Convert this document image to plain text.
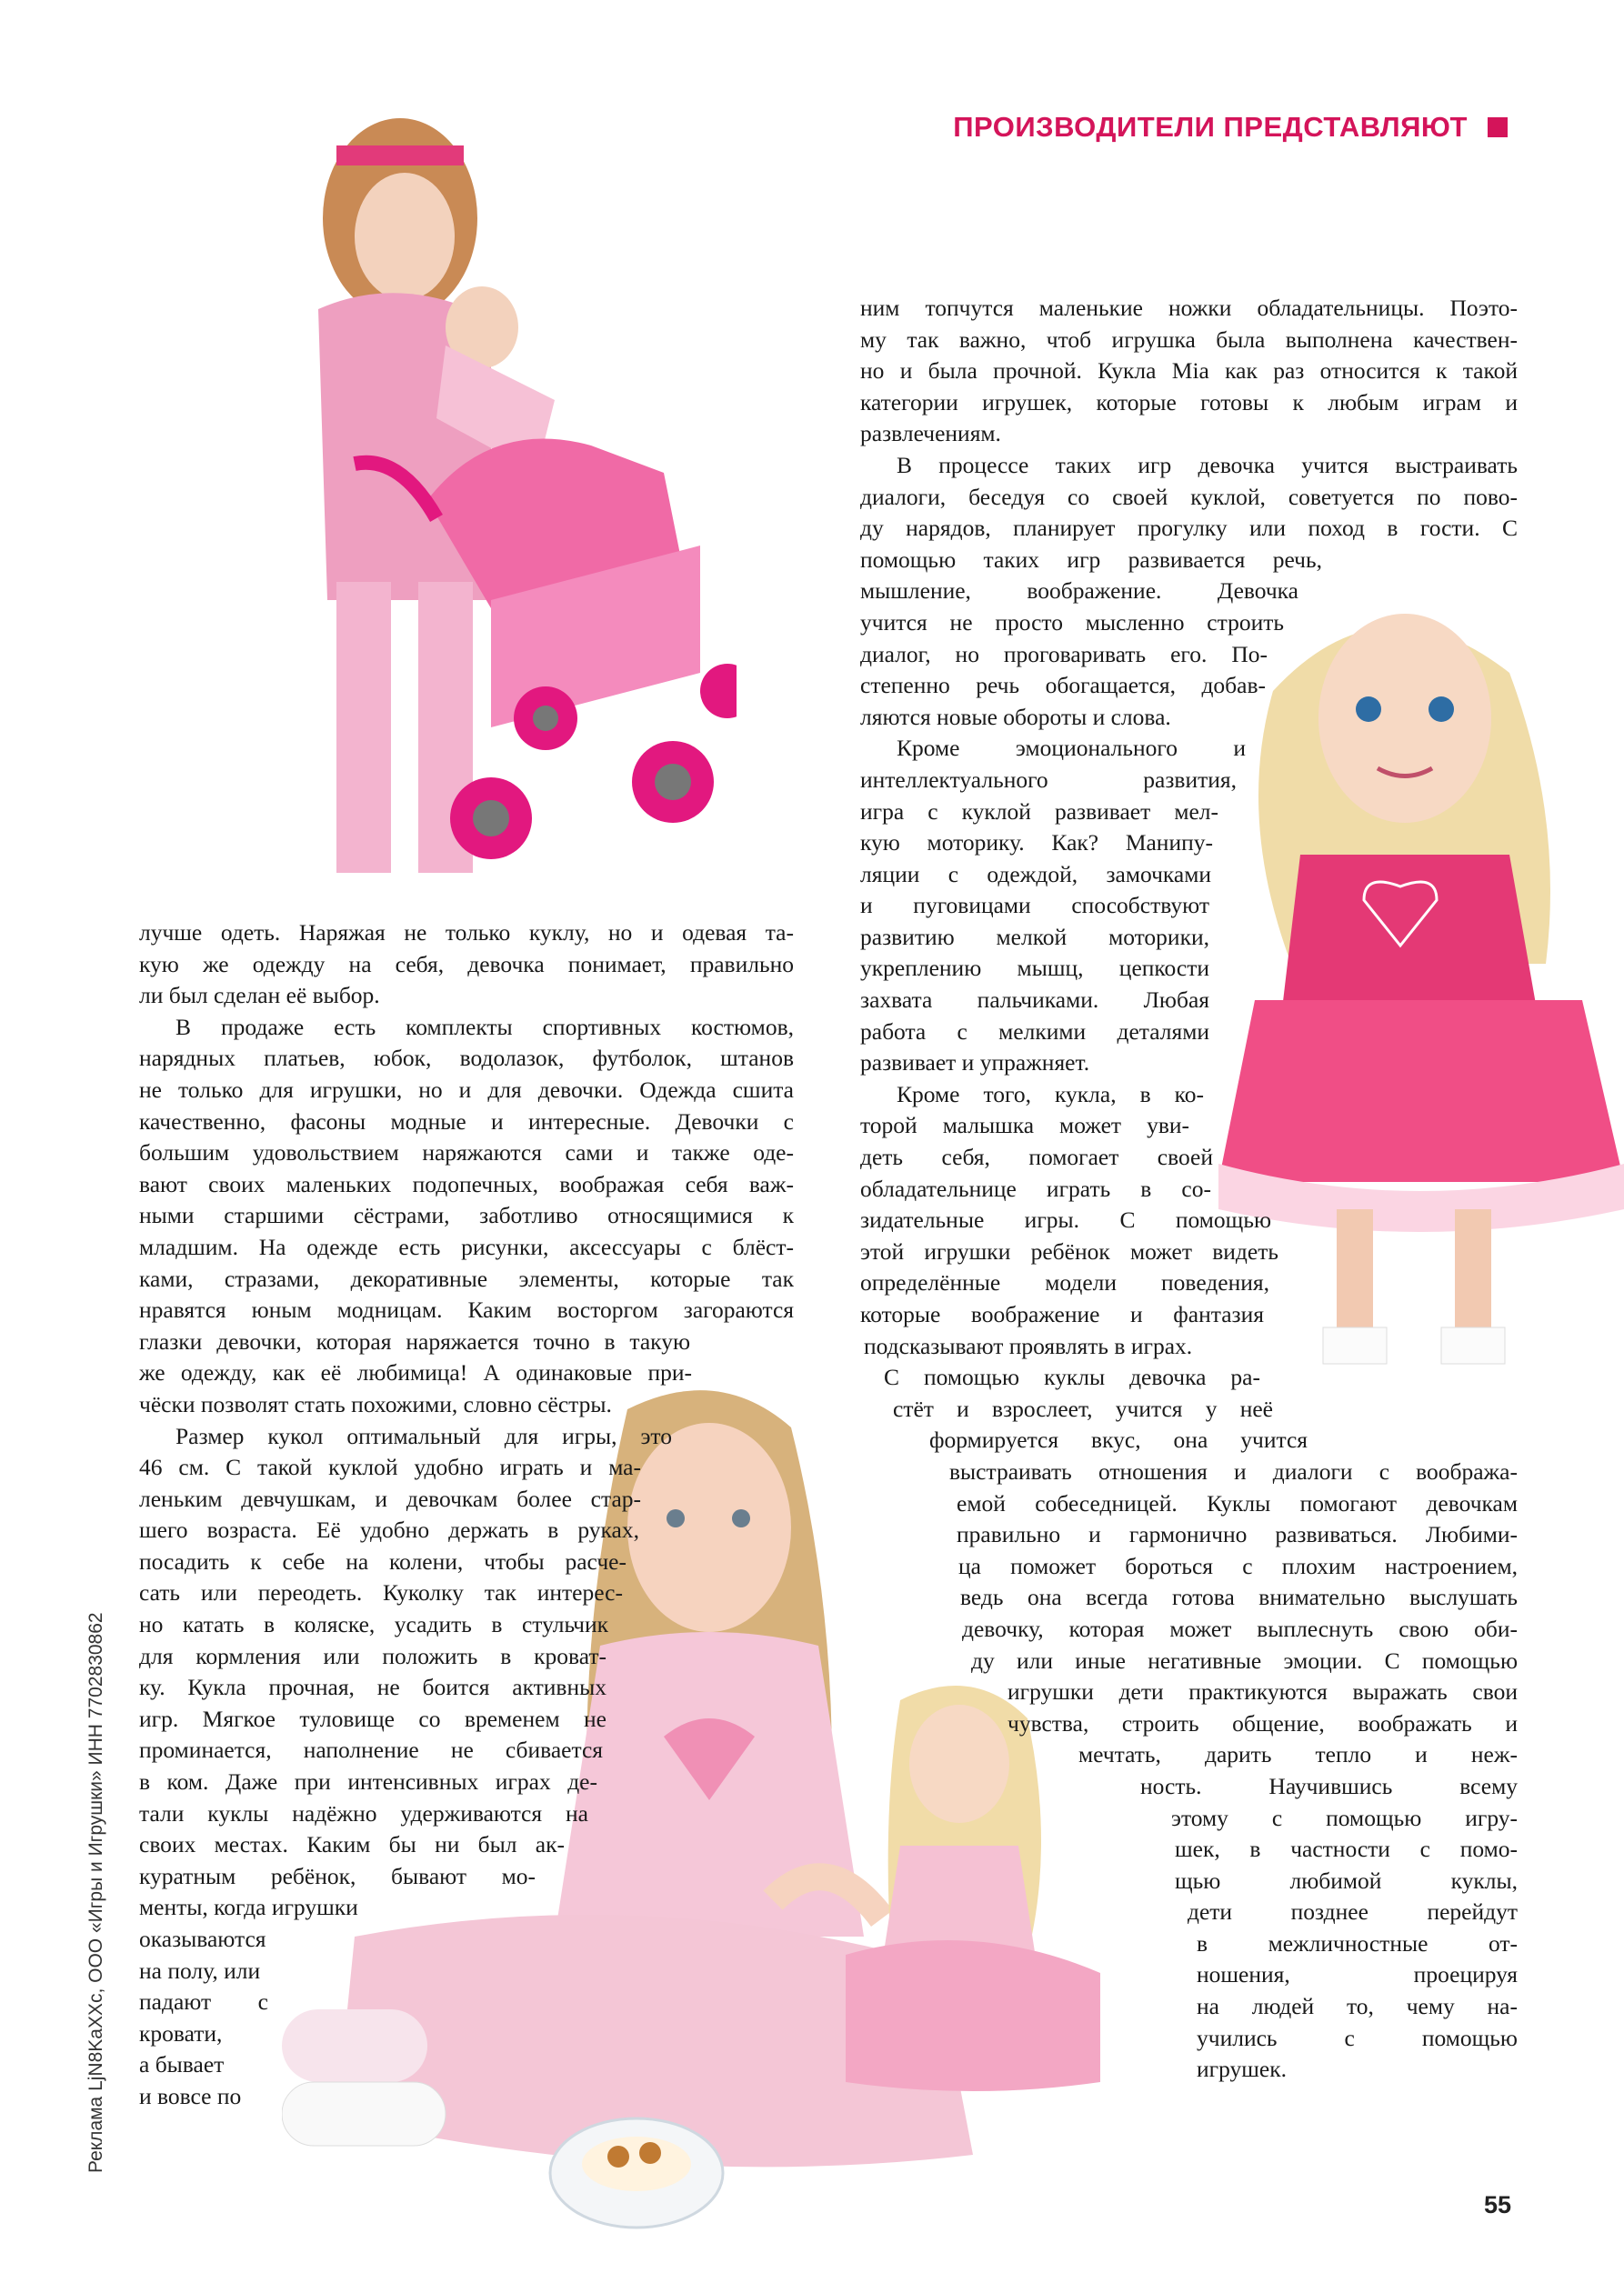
ПРОИЗВОДИТЕЛИ ПРЕДСТАВЛЯЮТ
ним топчутся маленькие ножки обладательницы. Поэто-
му так важно, чтоб игрушка была выполнена качествен-
но и была прочной. Кукла Mia как раз относится к такой
категории игрушек, которые готовы к любым играм и
развлечениям.
В процессе таких игр девочка учится выстраивать
диалоги, беседуя со своей куклой, советуется по пово-
ду нарядов, планирует прогулку или поход в гости. С
помощью таких игр развивается речь,
мышление, воображение. Девочка
учится не просто мысленно строить
диалог, но проговаривать его. По-
степенно речь обогащается, добав-
ляются новые обороты и слова.
Кроме эмоционального и
интеллектуального развития,
игра с куклой развивает мел-
кую моторику. Как? Манипу-
ляции с одеждой, замочками
и пуговицами способствуют
развитию мелкой моторики,
укреплению мышц, цепкости
захвата пальчиками. Любая
работа с мелкими деталями
развивает и упражняет.
Кроме того, кукла, в ко-
торой малышка может уви-
деть себя, помогает своей
обладательнице играть в со-
зидательные игры. С помощью
этой игрушки ребёнок может видеть
определённые модели поведения,
которые воображение и фантазия
подсказывают проявлять в играх.
С помощью куклы девочка ра-
стёт и взрослеет, учится у неё
формируется вкус, она учится
выстраивать отношения и диалоги с вообража-
емой собеседницей. Куклы помогают девочкам
правильно и гармонично развиваться. Любими-
ца поможет бороться с плохим настроением,
ведь она всегда готова внимательно выслушать
девочку, которая может выплеснуть свою оби-
ду или иные негативные эмоции. С помощью
игрушки дети практикуются выражать свои
чувства, строить общение, воображать и
мечтать, дарить тепло и неж-
ность. Научившись всему
этому с помощью игру-
шек, в частности с помо-
щью любимой куклы,
дети позднее перейдут
в межличностные от-
ношения, проецируя
на людей то, чему на-
учились с помощью
игрушек.
лучше одеть. Наряжая не только куклу, но и одевая та-
кую же одежду на себя, девочка понимает, правильно
ли был сделан её выбор.
В продаже есть комплекты спортивных костюмов,
нарядных платьев, юбок, водолазок, футболок, штанов
не только для игрушки, но и для девочки. Одежда сшита
качественно, фасоны модные и интересные. Девочки с
большим удовольствием наряжаются сами и также оде-
вают своих маленьких подопечных, воображая себя важ-
ными старшими сёстрами, заботливо относящимися к
младшим. На одежде есть рисунки, аксессуары с блёст-
ками, стразами, декоративные элементы, которые так
нравятся юным модницам. Каким восторгом загораются
глазки девочки, которая наряжается точно в такую
же одежду, как её любимица! А одинаковые при-
чёски позволят стать похожими, словно сёстры.
Размер кукол оптимальный для игры, это
46 см. С такой куклой удобно играть и ма-
леньким девчушкам, и девочкам более стар-
шего возраста. Её удобно держать в руках,
посадить к себе на колени, чтобы расче-
сать или переодеть. Куколку так интерес-
но катать в коляске, усадить в стульчик
для кормления или положить в кроват-
ку. Кукла прочная, не боится активных
игр. Мягкое туловище со временем не
проминается, наполнение не сбивается
в ком. Даже при интенсивных играх де-
тали куклы надёжно удерживаются на
своих местах. Каким бы ни был ак-
куратным ребёнок, бывают мо-
менты, когда игрушки
оказываются
на полу, или
падают с
кровати,
а бывает
и вовсе по
Реклама LjN8KaXXc, ООО «Игры и Игрушки» ИНН 7702830862
55
